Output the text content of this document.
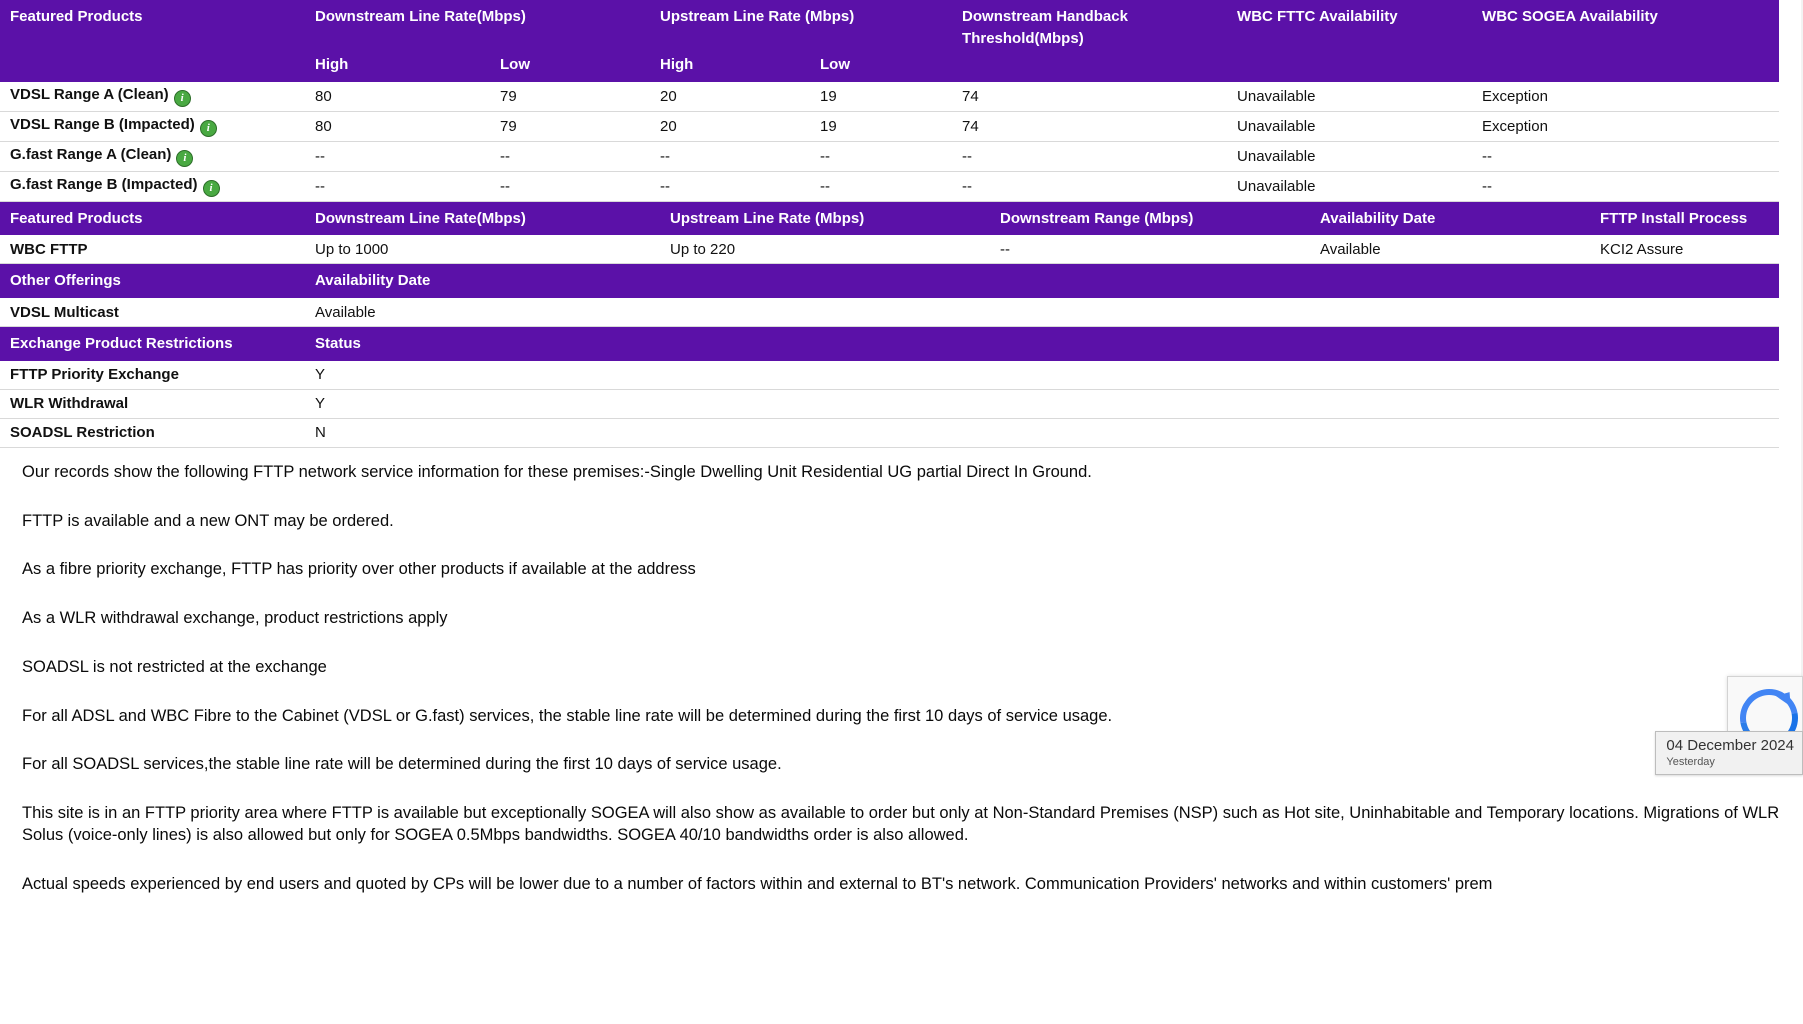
Featured Products	Downstream Line Rate(Mbps)		Upstream Line Rate (Mbps)		Downstream Handback Threshold(Mbps)	WBC FTTC Availability	WBC SOGEA Availability
	High	Low	High	Low			
VDSL Range A (Clean) i	80	79	20	19	74	Unavailable	Exception
VDSL Range B (Impacted) i	80	79	20	19	74	Unavailable	Exception
G.fast Range A (Clean) i	--	--	--	--	--	Unavailable	--
G.fast Range B (Impacted) i	--	--	--	--	--	Unavailable	--
Featured Products	Downstream Line Rate(Mbps)	Upstream Line Rate (Mbps)	Downstream Range (Mbps)	Availability Date	FTTP Install Process
WBC FTTP	Up to 1000	Up to 220	--	Available	KCI2 Assure
Other Offerings	Availability Date
VDSL Multicast	Available
Exchange Product Restrictions	Status
FTTP Priority Exchange	Y
WLR Withdrawal	Y
SOADSL Restriction	N

Our records show the following FTTP network service information for these premises:-Single Dwelling Unit Residential UG partial Direct In Ground.

FTTP is available and a new ONT may be ordered.

As a fibre priority exchange, FTTP has priority over other products if available at the address

As a WLR withdrawal exchange, product restrictions apply

SOADSL is not restricted at the exchange

For all ADSL and WBC Fibre to the Cabinet (VDSL or G.fast) services, the stable line rate will be determined during the first 10 days of service usage.

For all SOADSL services,the stable line rate will be determined during the first 10 days of service usage.

This site is in an FTTP priority area where FTTP is available but exceptionally SOGEA will also show as available to order but only at Non-Standard Premises (NSP) such as Hot site, Uninhabitable and Temporary locations. Migrations of WLR Solus (voice-only lines) is also allowed but only for SOGEA 0.5Mbps bandwidths. SOGEA 40/10 bandwidths order is also allowed.

Actual speeds experienced by end users and quoted by CPs will be lower due to a number of factors within and external to BT's network. Communication Providers' networks and within customers' prem

04 December 2024
Yesterday
